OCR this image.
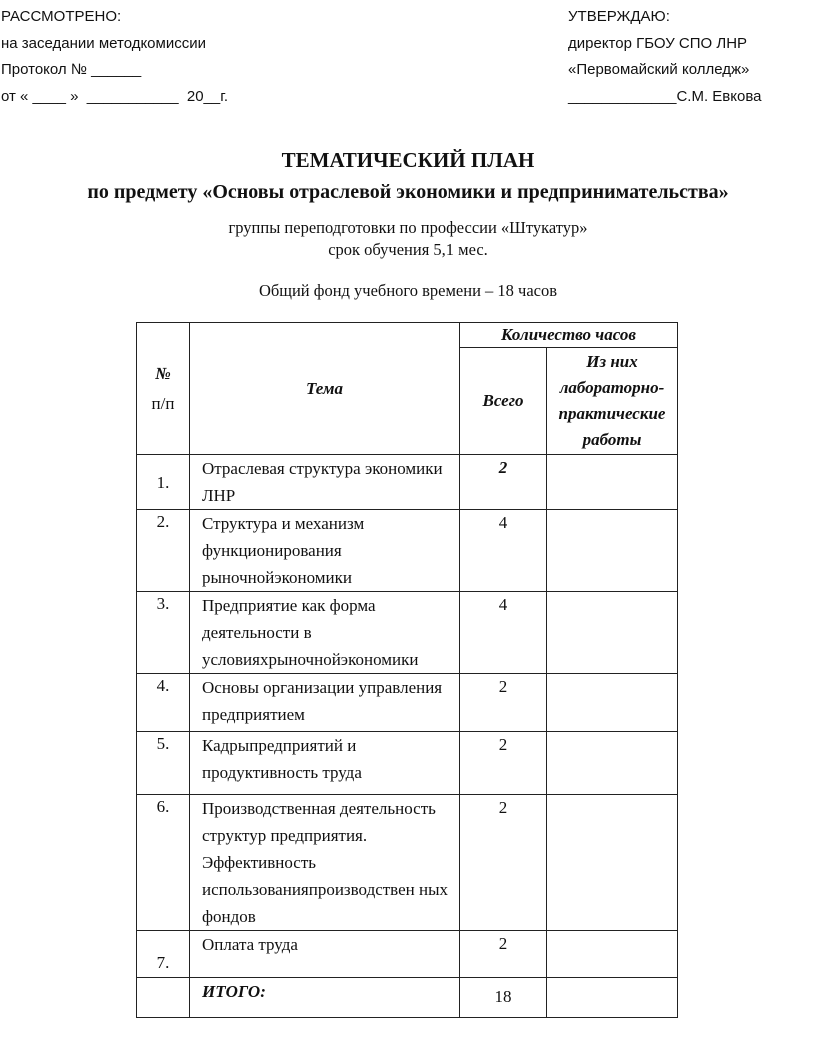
РАССМОТРЕНО:
на заседании методкомиссии
Протокол № ______
от « ____ »  ___________  20__г.
УТВЕРЖДАЮ:
директор ГБОУ СПО ЛНР
«Первомайский колледж»
_____________С.М. Евкова
ТЕМАТИЧЕСКИЙ ПЛАН
по предмету «Основы отраслевой экономики и предпринимательства»
группы переподготовки по профессии «Штукатур»
срок обучения 5,1 мес.
Общий фонд учебного времени – 18 часов
№
п/п	Тема	Количество часов	
		Всего	Из них лабораторно-практические работы
1.	Отраслевая структура экономики ЛНР	2	
2.	Структура и механизм функционирования рыночнойэкономики	4	
3.	Предприятие как форма деятельности в условияхрыночнойэкономики	4	
4.	Основы организации управления предприятием	2	
5.	Кадрыпредприятий и продуктивность труда	2	
6.	Производственная деятельность структур предприятия. Эффективность использованияпроизводствен ных фондов	2	
7.	Оплата труда	2	
	ИТОГО:	18	
